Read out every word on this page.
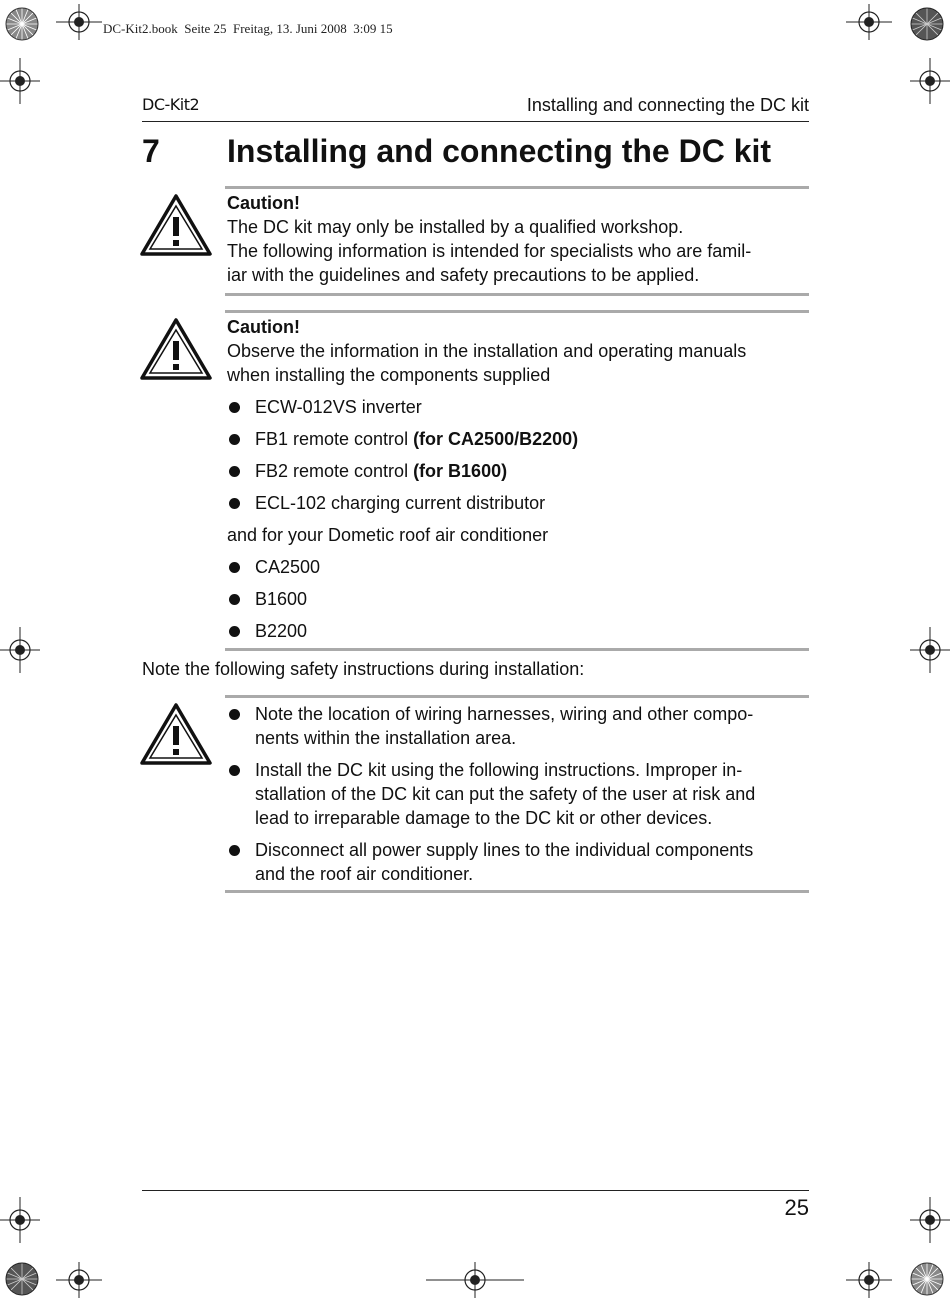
DC-Kit2.book  Seite 25  Freitag, 13. Juni 2008  3:09 15
DC-Kit2	Installing and connecting the DC kit
7 Installing and connecting the DC kit
Caution!
The DC kit may only be installed by a qualified workshop.
The following information is intended for specialists who are famil-
iar with the guidelines and safety precautions to be applied.
Caution!
Observe the information in the installation and operating manuals
when installing the components supplied
ECW-012VS inverter
FB1 remote control (for CA2500/B2200)
FB2 remote control (for B1600)
ECL-102 charging current distributor
and for your Dometic roof air conditioner
CA2500
B1600
B2200
Note the following safety instructions during installation:
Note the location of wiring harnesses, wiring and other compo-
nents within the installation area.
Install the DC kit using the following instructions. Improper in-
stallation of the DC kit can put the safety of the user at risk and
lead to irreparable damage to the DC kit or other devices.
Disconnect all power supply lines to the individual components
and the roof air conditioner.
25
